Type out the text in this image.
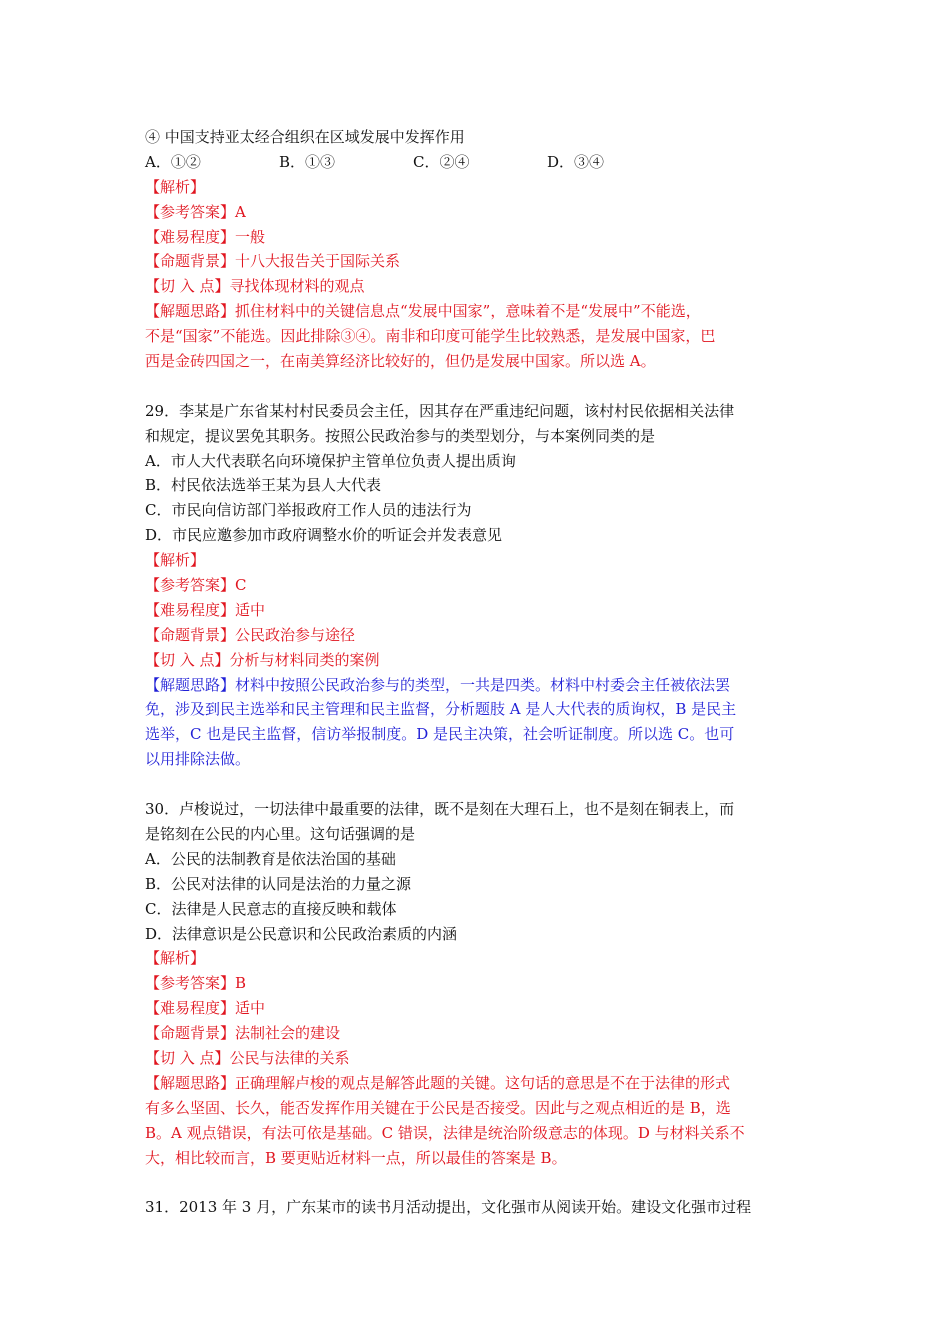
④ 中国支持亚太经合组织在区域发展中发挥作用
A．①②	B．①③	C．②④	D．③④
【解析】
【参考答案】A
【难易程度】一般
【命题背景】十八大报告关于国际关系
【切 入 点】寻找体现材料的观点
【解题思路】抓住材料中的关键信息点“发展中国家”，意味着不是“发展中”不能选，
不是“国家”不能选。因此排除③④。南非和印度可能学生比较熟悉，是发展中国家，巴
西是金砖四国之一，在南美算经济比较好的，但仍是发展中国家。所以选 A。
29．李某是广东省某村村民委员会主任，因其存在严重违纪问题，该村村民依据相关法律
和规定，提议罢免其职务。按照公民政治参与的类型划分，与本案例同类的是
A．市人大代表联名向环境保护主管单位负责人提出质询
B．村民依法选举王某为县人大代表
C．市民向信访部门举报政府工作人员的违法行为
D．市民应邀参加市政府调整水价的听证会并发表意见
【解析】
【参考答案】C
【难易程度】适中
【命题背景】公民政治参与途径
【切 入 点】分析与材料同类的案例
【解题思路】材料中按照公民政治参与的类型，一共是四类。材料中村委会主任被依法罢
免，涉及到民主选举和民主管理和民主监督，分析题肢 A 是人大代表的质询权，B 是民主
选举，C 也是民主监督，信访举报制度。D 是民主决策，社会听证制度。所以选 C。也可
以用排除法做。
30．卢梭说过，一切法律中最重要的法律，既不是刻在大理石上，也不是刻在铜表上，而
是铭刻在公民的内心里。这句话强调的是
A．公民的法制教育是依法治国的基础
B．公民对法律的认同是法治的力量之源
C．法律是人民意志的直接反映和载体
D．法律意识是公民意识和公民政治素质的内涵
【解析】
【参考答案】B
【难易程度】适中
【命题背景】法制社会的建设
【切 入 点】公民与法律的关系
【解题思路】正确理解卢梭的观点是解答此题的关键。这句话的意思是不在于法律的形式
有多么坚固、长久，能否发挥作用关键在于公民是否接受。因此与之观点相近的是 B，选
B。A 观点错误，有法可依是基础。C 错误，法律是统治阶级意志的体现。D 与材料关系不
大，相比较而言，B 要更贴近材料一点，所以最佳的答案是 B。
31．2013 年 3 月，广东某市的读书月活动提出，文化强市从阅读开始。建设文化强市过程
